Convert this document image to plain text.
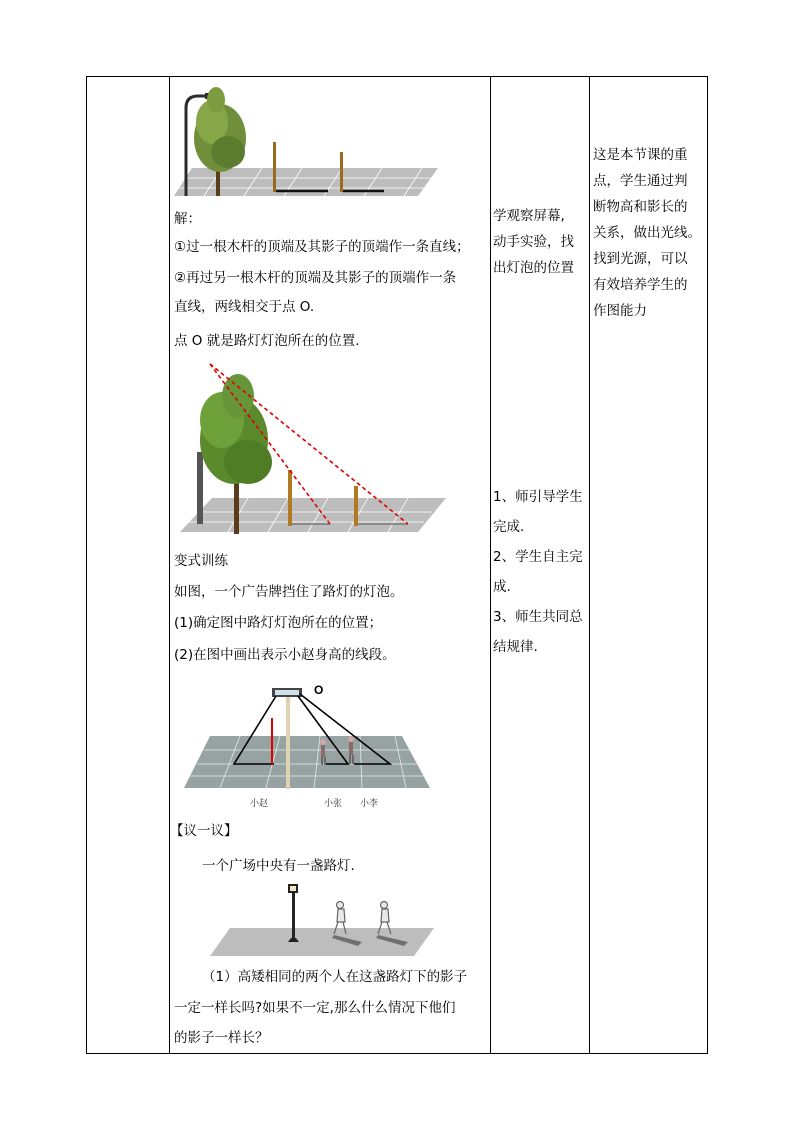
解：
①过一根木杆的顶端及其影子的顶端作一条直线；
②再过另一根木杆的顶端及其影子的顶端作一条
直线，两线相交于点 O.
点 O 就是路灯灯泡所在的位置.
变式训练
如图，一个广告牌挡住了路灯的灯泡。
(1)确定图中路灯灯泡所在的位置；
(2)在图中画出表示小赵身高的线段。
O
小赵	小张 小李
【议一议】
一个广场中央有一盏路灯.
（1）高矮相同的两个人在这盏路灯下的影子
一定一样长吗?如果不一定,那么什么情况下他们
的影子一样长？
学观察屏幕,
动手实验，找
出灯泡的位置
1、师引导学生
完成.
2、学生自主完
成.
3、师生共同总
结规律.
这是本节课的重
点，学生通过判
断物高和影长的
关系，做出光线。
找到光源，可以
有效培养学生的
作图能力
